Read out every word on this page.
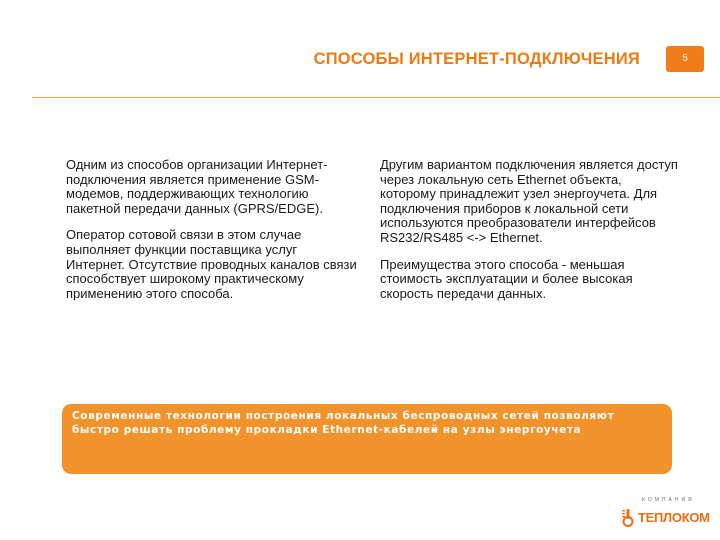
СПОСОБЫ ИНТЕРНЕТ-ПОДКЛЮЧЕНИЯ	5

Одним из способов организации Интернет-подключения является применение GSM-модемов, поддерживающих технологию пакетной передачи данных (GPRS/EDGE).

Оператор сотовой связи в этом случае выполняет функции поставщика услуг Интернет. Отсутствие проводных каналов связи способствует широкому практическому применению этого способа.

Другим вариантом подключения является доступ через локальную сеть Ethernet объекта, которому принадлежит узел энергоучета. Для подключения приборов к локальной сети используются преобразователи интерфейсов RS232/RS485 <-> Ethernet.

Преимущества этого способа - меньшая стоимость эксплуатации и более высокая скорость передачи данных.

Современные технологии построения локальных беспроводных сетей позволяют быстро решать проблему прокладки Ethernet-кабелей на узлы энергоучета
КОМПАНИЯ
ТЕПЛОКОМ
